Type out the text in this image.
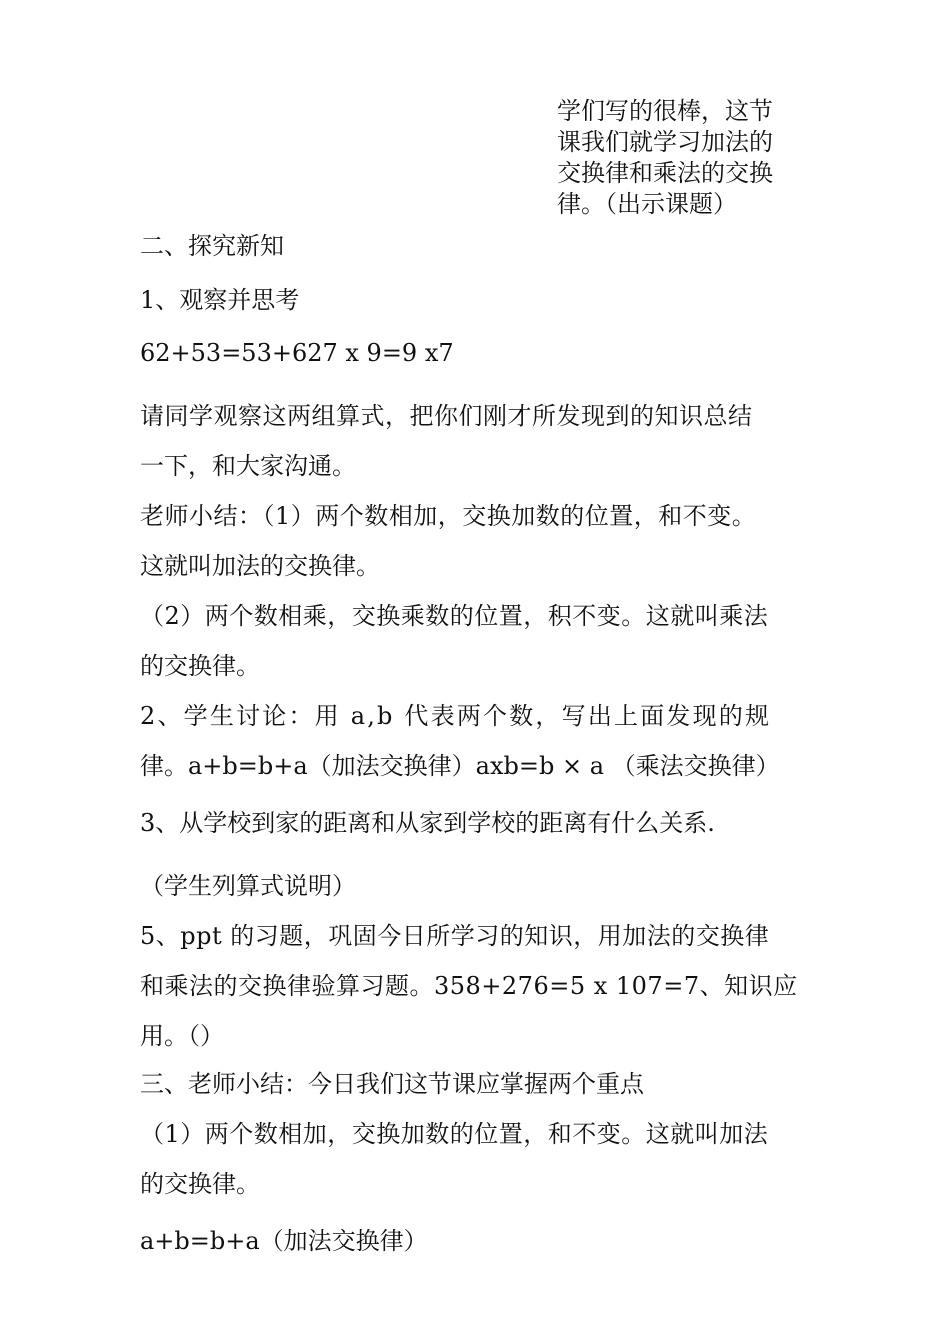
学们写的很棒，这节
课我们就学习加法的
交换律和乘法的交换
律。（出示课题）
二、探究新知
1、观察并思考
62+53=53+627 x 9=9 x7
请同学观察这两组算式，把你们刚才所发现到的知识总结
一下，和大家沟通。
老师小结：（1）两个数相加，交换加数的位置，和不变。
这就叫加法的交换律。
（2）两个数相乘，交换乘数的位置，积不变。这就叫乘法
的交换律。
2、学生讨论：用 a,b 代表两个数，写出上面发现的规
律。a+b=b+a（加法交换律）axb=b ⨯ a （乘法交换律）
3、从学校到家的距离和从家到学校的距离有什么关系.
（学生列算式说明）
5、ppt 的习题，巩固今日所学习的知识，用加法的交换律
和乘法的交换律验算习题。358+276=5 x 107=7、知识应
用。（）
三、老师小结：今日我们这节课应掌握两个重点
（1）两个数相加，交换加数的位置，和不变。这就叫加法
的交换律。
a+b=b+a（加法交换律）
